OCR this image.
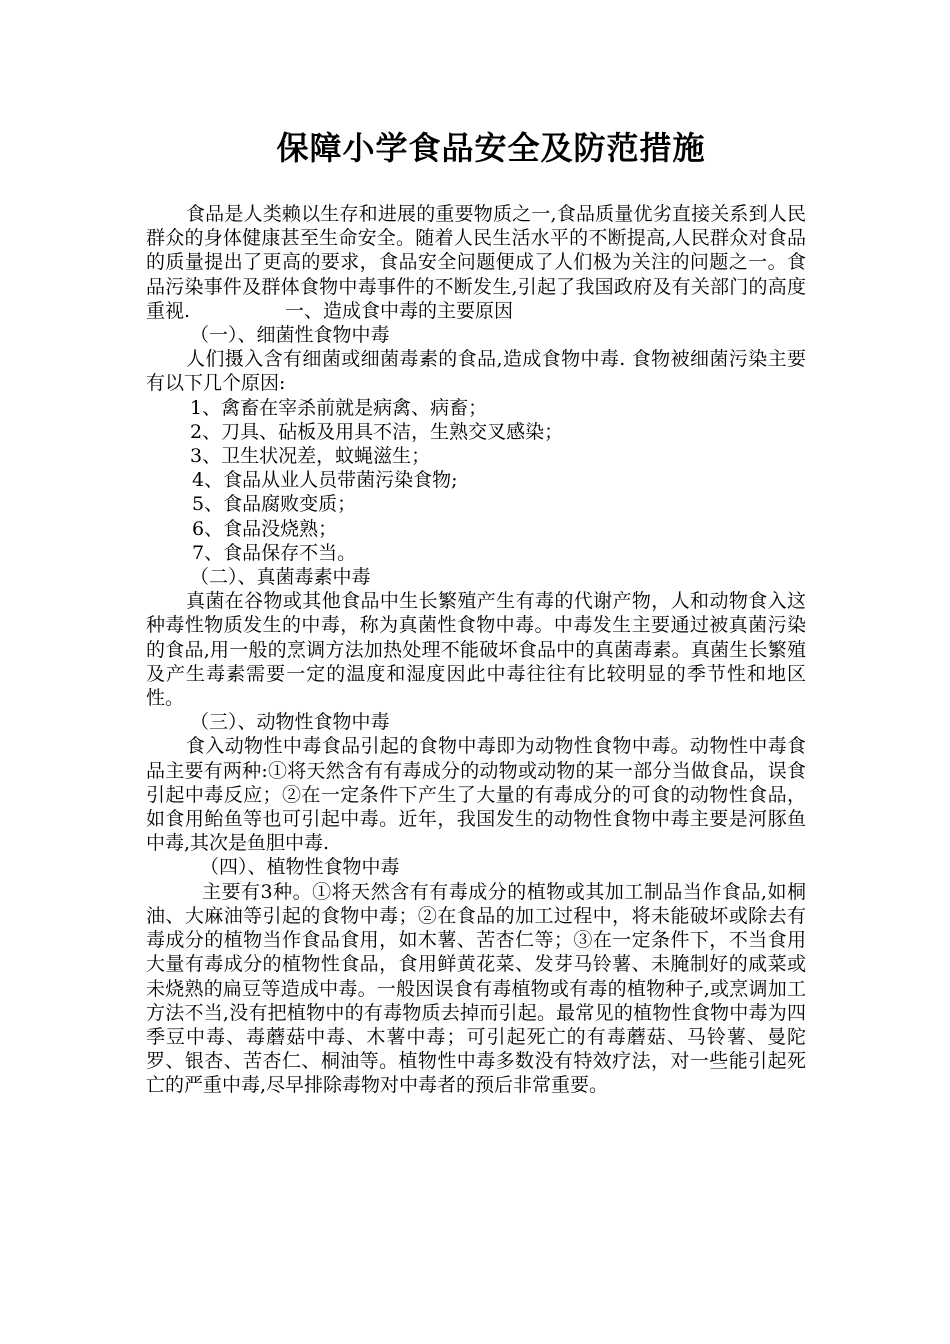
保障小学食品安全及防范措施

食品是人类赖以生存和进展的重要物质之一,食品质量优劣直接关系到人民群众的身体健康甚至生命安全。随着人民生活水平的不断提高,人民群众对食品的质量提出了更高的要求，食品安全问题便成了人们极为关注的问题之一。食品污染事件及群体食物中毒事件的不断发生,引起了我国政府及有关部门的高度重视.　　　　　一、造成食中毒的主要原因

（一）、细菌性食物中毒

人们摄入含有细菌或细菌毒素的食品,造成食物中毒. 食物被细菌污染主要有以下几个原因:

1、禽畜在宰杀前就是病禽、病畜；

2、刀具、砧板及用具不洁，生熟交叉感染；

3、卫生状况差，蚊蝇滋生；

4、食品从业人员带菌污染食物;

5、食品腐败变质；

6、食品没烧熟；

7、食品保存不当。

（二）、真菌毒素中毒

真菌在谷物或其他食品中生长繁殖产生有毒的代谢产物，人和动物食入这种毒性物质发生的中毒，称为真菌性食物中毒。中毒发生主要通过被真菌污染的食品,用一般的烹调方法加热处理不能破坏食品中的真菌毒素。真菌生长繁殖及产生毒素需要一定的温度和湿度因此中毒往往有比较明显的季节性和地区性。

（三）、动物性食物中毒

食入动物性中毒食品引起的食物中毒即为动物性食物中毒。动物性中毒食品主要有两种:①将天然含有有毒成分的动物或动物的某一部分当做食品，误食引起中毒反应；②在一定条件下产生了大量的有毒成分的可食的动物性食品，如食用鲐鱼等也可引起中毒。近年，我国发生的动物性食物中毒主要是河豚鱼中毒,其次是鱼胆中毒.

（四）、植物性食物中毒

主要有3种。①将天然含有有毒成分的植物或其加工制品当作食品,如桐油、大麻油等引起的食物中毒；②在食品的加工过程中，将未能破坏或除去有毒成分的植物当作食品食用，如木薯、苦杏仁等；③在一定条件下，不当食用大量有毒成分的植物性食品，食用鲜黄花菜、发芽马铃薯、未腌制好的咸菜或未烧熟的扁豆等造成中毒。一般因误食有毒植物或有毒的植物种子,或烹调加工方法不当,没有把植物中的有毒物质去掉而引起。最常见的植物性食物中毒为四季豆中毒、毒蘑菇中毒、木薯中毒；可引起死亡的有毒蘑菇、马铃薯、曼陀罗、银杏、苦杏仁、桐油等。植物性中毒多数没有特效疗法，对一些能引起死亡的严重中毒,尽早排除毒物对中毒者的预后非常重要。
